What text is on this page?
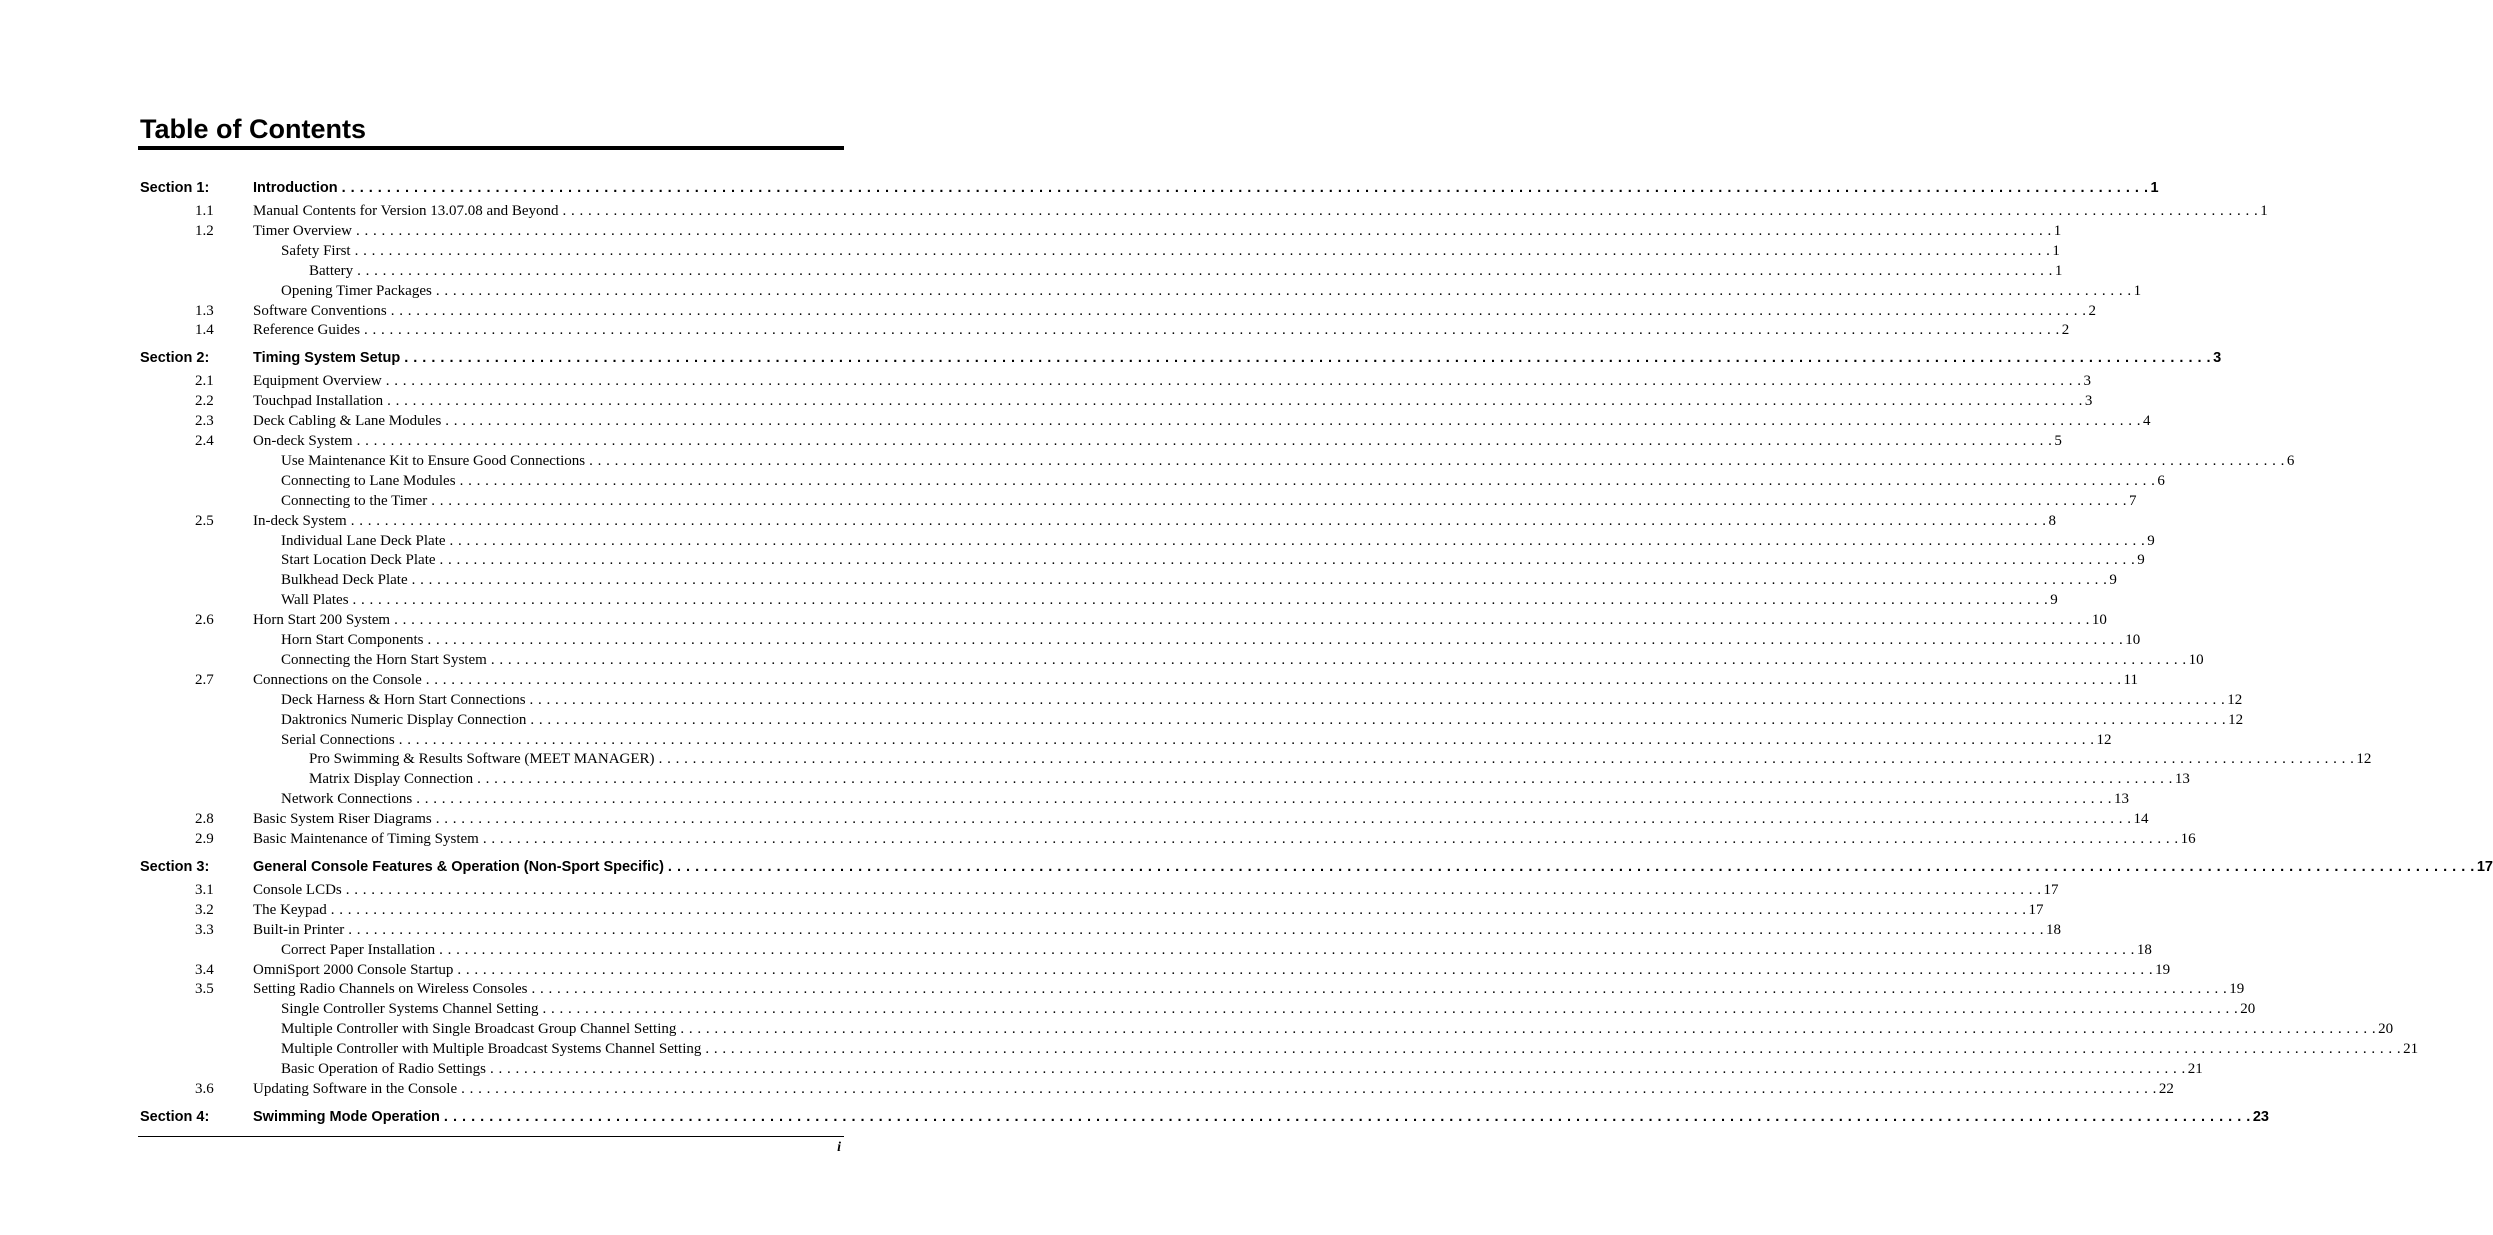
Table of Contents
Section 1:	Introduction . . . . . . . . . . . . . . . . . . . . . . . . . . . . . . . . . . . . . . . . . . . . . . . . . . . . . . . . . . . . . . . . . . . . . . . . . . . . . . . . . . . . . . . . . . . . . . . . . . . . . . . . . . . . . . . . . . . . . . . . . . . . . . . . . . . . . . . . . . . . . . . . . . . . . . . . . . . . . . . . . . . . . . . . . . . . . . . . . . . . . . . . . . . . . . . . . . . . . . . . 1
1.1	Manual Contents for Version 13.07.08 and Beyond . . . . . . . . . . . . . . . . . . . . . . . . . . . . . . . . . . . . . . . . . . . . . . . . . . . . . . . . . . . . . . . . . . . . . . . . . . . . . . . . . . . . . . . . . . . . . . . . . . . . . . . . . . . . . . . . . . . . . . . . . . . . . . . . . . . . . . . . . . . . . . . . . . . . . . . . . . . . . . . . . . . . . . . . . . . . . . . . . . . . . . . . . . . . . . . . . . . . . . . . 1
1.2	Timer Overview . . . . . . . . . . . . . . . . . . . . . . . . . . . . . . . . . . . . . . . . . . . . . . . . . . . . . . . . . . . . . . . . . . . . . . . . . . . . . . . . . . . . . . . . . . . . . . . . . . . . . . . . . . . . . . . . . . . . . . . . . . . . . . . . . . . . . . . . . . . . . . . . . . . . . . . . . . . . . . . . . . . . . . . . . . . . . . . . . . . . . . . . . . . . . . . . . . . . . . . . 1
Safety First . . . . . . . . . . . . . . . . . . . . . . . . . . . . . . . . . . . . . . . . . . . . . . . . . . . . . . . . . . . . . . . . . . . . . . . . . . . . . . . . . . . . . . . . . . . . . . . . . . . . . . . . . . . . . . . . . . . . . . . . . . . . . . . . . . . . . . . . . . . . . . . . . . . . . . . . . . . . . . . . . . . . . . . . . . . . . . . . . . . . . . . . . . . . . . . . . . . . . . . . 1
Battery . . . . . . . . . . . . . . . . . . . . . . . . . . . . . . . . . . . . . . . . . . . . . . . . . . . . . . . . . . . . . . . . . . . . . . . . . . . . . . . . . . . . . . . . . . . . . . . . . . . . . . . . . . . . . . . . . . . . . . . . . . . . . . . . . . . . . . . . . . . . . . . . . . . . . . . . . . . . . . . . . . . . . . . . . . . . . . . . . . . . . . . . . . . . . . . . . . . . . . . . 1
Opening Timer Packages . . . . . . . . . . . . . . . . . . . . . . . . . . . . . . . . . . . . . . . . . . . . . . . . . . . . . . . . . . . . . . . . . . . . . . . . . . . . . . . . . . . . . . . . . . . . . . . . . . . . . . . . . . . . . . . . . . . . . . . . . . . . . . . . . . . . . . . . . . . . . . . . . . . . . . . . . . . . . . . . . . . . . . . . . . . . . . . . . . . . . . . . . . . . . . . . . . . . . . . . 1
1.3	Software Conventions . . . . . . . . . . . . . . . . . . . . . . . . . . . . . . . . . . . . . . . . . . . . . . . . . . . . . . . . . . . . . . . . . . . . . . . . . . . . . . . . . . . . . . . . . . . . . . . . . . . . . . . . . . . . . . . . . . . . . . . . . . . . . . . . . . . . . . . . . . . . . . . . . . . . . . . . . . . . . . . . . . . . . . . . . . . . . . . . . . . . . . . . . . . . . . . . . . . . . . . . 2
1.4	Reference Guides . . . . . . . . . . . . . . . . . . . . . . . . . . . . . . . . . . . . . . . . . . . . . . . . . . . . . . . . . . . . . . . . . . . . . . . . . . . . . . . . . . . . . . . . . . . . . . . . . . . . . . . . . . . . . . . . . . . . . . . . . . . . . . . . . . . . . . . . . . . . . . . . . . . . . . . . . . . . . . . . . . . . . . . . . . . . . . . . . . . . . . . . . . . . . . . . . . . . . . . . 2
Section 2:	Timing System Setup . . . . . . . . . . . . . . . . . . . . . . . . . . . . . . . . . . . . . . . . . . . . . . . . . . . . . . . . . . . . . . . . . . . . . . . . . . . . . . . . . . . . . . . . . . . . . . . . . . . . . . . . . . . . . . . . . . . . . . . . . . . . . . . . . . . . . . . . . . . . . . . . . . . . . . . . . . . . . . . . . . . . . . . . . . . . . . . . . . . . . . . . . . . . . . . . . . . . . . . . 3
2.1	Equipment Overview . . . . . . . . . . . . . . . . . . . . . . . . . . . . . . . . . . . . . . . . . . . . . . . . . . . . . . . . . . . . . . . . . . . . . . . . . . . . . . . . . . . . . . . . . . . . . . . . . . . . . . . . . . . . . . . . . . . . . . . . . . . . . . . . . . . . . . . . . . . . . . . . . . . . . . . . . . . . . . . . . . . . . . . . . . . . . . . . . . . . . . . . . . . . . . . . . . . . . . . . 3
2.2	Touchpad Installation . . . . . . . . . . . . . . . . . . . . . . . . . . . . . . . . . . . . . . . . . . . . . . . . . . . . . . . . . . . . . . . . . . . . . . . . . . . . . . . . . . . . . . . . . . . . . . . . . . . . . . . . . . . . . . . . . . . . . . . . . . . . . . . . . . . . . . . . . . . . . . . . . . . . . . . . . . . . . . . . . . . . . . . . . . . . . . . . . . . . . . . . . . . . . . . . . . . . . . . . 3
2.3	Deck Cabling & Lane Modules . . . . . . . . . . . . . . . . . . . . . . . . . . . . . . . . . . . . . . . . . . . . . . . . . . . . . . . . . . . . . . . . . . . . . . . . . . . . . . . . . . . . . . . . . . . . . . . . . . . . . . . . . . . . . . . . . . . . . . . . . . . . . . . . . . . . . . . . . . . . . . . . . . . . . . . . . . . . . . . . . . . . . . . . . . . . . . . . . . . . . . . . . . . . . . . . . . . . . . . . 4
2.4	On-deck System . . . . . . . . . . . . . . . . . . . . . . . . . . . . . . . . . . . . . . . . . . . . . . . . . . . . . . . . . . . . . . . . . . . . . . . . . . . . . . . . . . . . . . . . . . . . . . . . . . . . . . . . . . . . . . . . . . . . . . . . . . . . . . . . . . . . . . . . . . . . . . . . . . . . . . . . . . . . . . . . . . . . . . . . . . . . . . . . . . . . . . . . . . . . . . . . . . . . . . . . 5
Use Maintenance Kit to Ensure Good Connections . . . . . . . . . . . . . . . . . . . . . . . . . . . . . . . . . . . . . . . . . . . . . . . . . . . . . . . . . . . . . . . . . . . . . . . . . . . . . . . . . . . . . . . . . . . . . . . . . . . . . . . . . . . . . . . . . . . . . . . . . . . . . . . . . . . . . . . . . . . . . . . . . . . . . . . . . . . . . . . . . . . . . . . . . . . . . . . . . . . . . . . . . . . . . . . . . . . . . . . . 6
Connecting to Lane Modules . . . . . . . . . . . . . . . . . . . . . . . . . . . . . . . . . . . . . . . . . . . . . . . . . . . . . . . . . . . . . . . . . . . . . . . . . . . . . . . . . . . . . . . . . . . . . . . . . . . . . . . . . . . . . . . . . . . . . . . . . . . . . . . . . . . . . . . . . . . . . . . . . . . . . . . . . . . . . . . . . . . . . . . . . . . . . . . . . . . . . . . . . . . . . . . . . . . . . . . . 6
Connecting to the Timer . . . . . . . . . . . . . . . . . . . . . . . . . . . . . . . . . . . . . . . . . . . . . . . . . . . . . . . . . . . . . . . . . . . . . . . . . . . . . . . . . . . . . . . . . . . . . . . . . . . . . . . . . . . . . . . . . . . . . . . . . . . . . . . . . . . . . . . . . . . . . . . . . . . . . . . . . . . . . . . . . . . . . . . . . . . . . . . . . . . . . . . . . . . . . . . . . . . . . . . . 7
2.5	In-deck System . . . . . . . . . . . . . . . . . . . . . . . . . . . . . . . . . . . . . . . . . . . . . . . . . . . . . . . . . . . . . . . . . . . . . . . . . . . . . . . . . . . . . . . . . . . . . . . . . . . . . . . . . . . . . . . . . . . . . . . . . . . . . . . . . . . . . . . . . . . . . . . . . . . . . . . . . . . . . . . . . . . . . . . . . . . . . . . . . . . . . . . . . . . . . . . . . . . . . . . . 8
Individual Lane Deck Plate . . . . . . . . . . . . . . . . . . . . . . . . . . . . . . . . . . . . . . . . . . . . . . . . . . . . . . . . . . . . . . . . . . . . . . . . . . . . . . . . . . . . . . . . . . . . . . . . . . . . . . . . . . . . . . . . . . . . . . . . . . . . . . . . . . . . . . . . . . . . . . . . . . . . . . . . . . . . . . . . . . . . . . . . . . . . . . . . . . . . . . . . . . . . . . . . . . . . . . . . 9
Start Location Deck Plate . . . . . . . . . . . . . . . . . . . . . . . . . . . . . . . . . . . . . . . . . . . . . . . . . . . . . . . . . . . . . . . . . . . . . . . . . . . . . . . . . . . . . . . . . . . . . . . . . . . . . . . . . . . . . . . . . . . . . . . . . . . . . . . . . . . . . . . . . . . . . . . . . . . . . . . . . . . . . . . . . . . . . . . . . . . . . . . . . . . . . . . . . . . . . . . . . . . . . . . . 9
Bulkhead Deck Plate . . . . . . . . . . . . . . . . . . . . . . . . . . . . . . . . . . . . . . . . . . . . . . . . . . . . . . . . . . . . . . . . . . . . . . . . . . . . . . . . . . . . . . . . . . . . . . . . . . . . . . . . . . . . . . . . . . . . . . . . . . . . . . . . . . . . . . . . . . . . . . . . . . . . . . . . . . . . . . . . . . . . . . . . . . . . . . . . . . . . . . . . . . . . . . . . . . . . . . . . 9
Wall Plates . . . . . . . . . . . . . . . . . . . . . . . . . . . . . . . . . . . . . . . . . . . . . . . . . . . . . . . . . . . . . . . . . . . . . . . . . . . . . . . . . . . . . . . . . . . . . . . . . . . . . . . . . . . . . . . . . . . . . . . . . . . . . . . . . . . . . . . . . . . . . . . . . . . . . . . . . . . . . . . . . . . . . . . . . . . . . . . . . . . . . . . . . . . . . . . . . . . . . . . . 9
2.6	Horn Start 200 System . . . . . . . . . . . . . . . . . . . . . . . . . . . . . . . . . . . . . . . . . . . . . . . . . . . . . . . . . . . . . . . . . . . . . . . . . . . . . . . . . . . . . . . . . . . . . . . . . . . . . . . . . . . . . . . . . . . . . . . . . . . . . . . . . . . . . . . . . . . . . . . . . . . . . . . . . . . . . . . . . . . . . . . . . . . . . . . . . . . . . . . . . . . . . . . . . . . . . . . . 10
Horn Start Components . . . . . . . . . . . . . . . . . . . . . . . . . . . . . . . . . . . . . . . . . . . . . . . . . . . . . . . . . . . . . . . . . . . . . . . . . . . . . . . . . . . . . . . . . . . . . . . . . . . . . . . . . . . . . . . . . . . . . . . . . . . . . . . . . . . . . . . . . . . . . . . . . . . . . . . . . . . . . . . . . . . . . . . . . . . . . . . . . . . . . . . . . . . . . . . . . . . . . . . . 10
Connecting the Horn Start System . . . . . . . . . . . . . . . . . . . . . . . . . . . . . . . . . . . . . . . . . . . . . . . . . . . . . . . . . . . . . . . . . . . . . . . . . . . . . . . . . . . . . . . . . . . . . . . . . . . . . . . . . . . . . . . . . . . . . . . . . . . . . . . . . . . . . . . . . . . . . . . . . . . . . . . . . . . . . . . . . . . . . . . . . . . . . . . . . . . . . . . . . . . . . . . . . . . . . . . . 10
2.7	Connections on the Console . . . . . . . . . . . . . . . . . . . . . . . . . . . . . . . . . . . . . . . . . . . . . . . . . . . . . . . . . . . . . . . . . . . . . . . . . . . . . . . . . . . . . . . . . . . . . . . . . . . . . . . . . . . . . . . . . . . . . . . . . . . . . . . . . . . . . . . . . . . . . . . . . . . . . . . . . . . . . . . . . . . . . . . . . . . . . . . . . . . . . . . . . . . . . . . . . . . . . . . . 11
Deck Harness & Horn Start Connections . . . . . . . . . . . . . . . . . . . . . . . . . . . . . . . . . . . . . . . . . . . . . . . . . . . . . . . . . . . . . . . . . . . . . . . . . . . . . . . . . . . . . . . . . . . . . . . . . . . . . . . . . . . . . . . . . . . . . . . . . . . . . . . . . . . . . . . . . . . . . . . . . . . . . . . . . . . . . . . . . . . . . . . . . . . . . . . . . . . . . . . . . . . . . . . . . . . . . . . . 12
Daktronics Numeric Display Connection . . . . . . . . . . . . . . . . . . . . . . . . . . . . . . . . . . . . . . . . . . . . . . . . . . . . . . . . . . . . . . . . . . . . . . . . . . . . . . . . . . . . . . . . . . . . . . . . . . . . . . . . . . . . . . . . . . . . . . . . . . . . . . . . . . . . . . . . . . . . . . . . . . . . . . . . . . . . . . . . . . . . . . . . . . . . . . . . . . . . . . . . . . . . . . . . . . . . . . . . 12
Serial Connections . . . . . . . . . . . . . . . . . . . . . . . . . . . . . . . . . . . . . . . . . . . . . . . . . . . . . . . . . . . . . . . . . . . . . . . . . . . . . . . . . . . . . . . . . . . . . . . . . . . . . . . . . . . . . . . . . . . . . . . . . . . . . . . . . . . . . . . . . . . . . . . . . . . . . . . . . . . . . . . . . . . . . . . . . . . . . . . . . . . . . . . . . . . . . . . . . . . . . . . . 12
Pro Swimming & Results Software (MEET MANAGER) . . . . . . . . . . . . . . . . . . . . . . . . . . . . . . . . . . . . . . . . . . . . . . . . . . . . . . . . . . . . . . . . . . . . . . . . . . . . . . . . . . . . . . . . . . . . . . . . . . . . . . . . . . . . . . . . . . . . . . . . . . . . . . . . . . . . . . . . . . . . . . . . . . . . . . . . . . . . . . . . . . . . . . . . . . . . . . . . . . . . . . . . . . . . . . . . . . . . . . . . 12
Matrix Display Connection . . . . . . . . . . . . . . . . . . . . . . . . . . . . . . . . . . . . . . . . . . . . . . . . . . . . . . . . . . . . . . . . . . . . . . . . . . . . . . . . . . . . . . . . . . . . . . . . . . . . . . . . . . . . . . . . . . . . . . . . . . . . . . . . . . . . . . . . . . . . . . . . . . . . . . . . . . . . . . . . . . . . . . . . . . . . . . . . . . . . . . . . . . . . . . . . . . . . . . . . 13
Network Connections . . . . . . . . . . . . . . . . . . . . . . . . . . . . . . . . . . . . . . . . . . . . . . . . . . . . . . . . . . . . . . . . . . . . . . . . . . . . . . . . . . . . . . . . . . . . . . . . . . . . . . . . . . . . . . . . . . . . . . . . . . . . . . . . . . . . . . . . . . . . . . . . . . . . . . . . . . . . . . . . . . . . . . . . . . . . . . . . . . . . . . . . . . . . . . . . . . . . . . . . 13
2.8	Basic System Riser Diagrams . . . . . . . . . . . . . . . . . . . . . . . . . . . . . . . . . . . . . . . . . . . . . . . . . . . . . . . . . . . . . . . . . . . . . . . . . . . . . . . . . . . . . . . . . . . . . . . . . . . . . . . . . . . . . . . . . . . . . . . . . . . . . . . . . . . . . . . . . . . . . . . . . . . . . . . . . . . . . . . . . . . . . . . . . . . . . . . . . . . . . . . . . . . . . . . . . . . . . . . . 14
2.9	Basic Maintenance of Timing System . . . . . . . . . . . . . . . . . . . . . . . . . . . . . . . . . . . . . . . . . . . . . . . . . . . . . . . . . . . . . . . . . . . . . . . . . . . . . . . . . . . . . . . . . . . . . . . . . . . . . . . . . . . . . . . . . . . . . . . . . . . . . . . . . . . . . . . . . . . . . . . . . . . . . . . . . . . . . . . . . . . . . . . . . . . . . . . . . . . . . . . . . . . . . . . . . . . . . . . . 16
Section 3:	General Console Features & Operation (Non-Sport Specific) . . . . . . . . . . . . . . . . . . . . . . . . . . . . . . . . . . . . . . . . . . . . . . . . . . . . . . . . . . . . . . . . . . . . . . . . . . . . . . . . . . . . . . . . . . . . . . . . . . . . . . . . . . . . . . . . . . . . . . . . . . . . . . . . . . . . . . . . . . . . . . . . . . . . . . . . . . . . . . . . . . . . . . . . . . . . . . . . . . . . . . . . . . . . . . . . . . . . . . . . 17
3.1	Console LCDs . . . . . . . . . . . . . . . . . . . . . . . . . . . . . . . . . . . . . . . . . . . . . . . . . . . . . . . . . . . . . . . . . . . . . . . . . . . . . . . . . . . . . . . . . . . . . . . . . . . . . . . . . . . . . . . . . . . . . . . . . . . . . . . . . . . . . . . . . . . . . . . . . . . . . . . . . . . . . . . . . . . . . . . . . . . . . . . . . . . . . . . . . . . . . . . . . . . . . . . . 17
3.2	The Keypad . . . . . . . . . . . . . . . . . . . . . . . . . . . . . . . . . . . . . . . . . . . . . . . . . . . . . . . . . . . . . . . . . . . . . . . . . . . . . . . . . . . . . . . . . . . . . . . . . . . . . . . . . . . . . . . . . . . . . . . . . . . . . . . . . . . . . . . . . . . . . . . . . . . . . . . . . . . . . . . . . . . . . . . . . . . . . . . . . . . . . . . . . . . . . . . . . . . . . . . . 17
3.3	Built-in Printer . . . . . . . . . . . . . . . . . . . . . . . . . . . . . . . . . . . . . . . . . . . . . . . . . . . . . . . . . . . . . . . . . . . . . . . . . . . . . . . . . . . . . . . . . . . . . . . . . . . . . . . . . . . . . . . . . . . . . . . . . . . . . . . . . . . . . . . . . . . . . . . . . . . . . . . . . . . . . . . . . . . . . . . . . . . . . . . . . . . . . . . . . . . . . . . . . . . . . . . . 18
Correct Paper Installation . . . . . . . . . . . . . . . . . . . . . . . . . . . . . . . . . . . . . . . . . . . . . . . . . . . . . . . . . . . . . . . . . . . . . . . . . . . . . . . . . . . . . . . . . . . . . . . . . . . . . . . . . . . . . . . . . . . . . . . . . . . . . . . . . . . . . . . . . . . . . . . . . . . . . . . . . . . . . . . . . . . . . . . . . . . . . . . . . . . . . . . . . . . . . . . . . . . . . . . . 18
3.4	OmniSport 2000 Console Startup . . . . . . . . . . . . . . . . . . . . . . . . . . . . . . . . . . . . . . . . . . . . . . . . . . . . . . . . . . . . . . . . . . . . . . . . . . . . . . . . . . . . . . . . . . . . . . . . . . . . . . . . . . . . . . . . . . . . . . . . . . . . . . . . . . . . . . . . . . . . . . . . . . . . . . . . . . . . . . . . . . . . . . . . . . . . . . . . . . . . . . . . . . . . . . . . . . . . . . . . 19
3.5	Setting Radio Channels on Wireless Consoles . . . . . . . . . . . . . . . . . . . . . . . . . . . . . . . . . . . . . . . . . . . . . . . . . . . . . . . . . . . . . . . . . . . . . . . . . . . . . . . . . . . . . . . . . . . . . . . . . . . . . . . . . . . . . . . . . . . . . . . . . . . . . . . . . . . . . . . . . . . . . . . . . . . . . . . . . . . . . . . . . . . . . . . . . . . . . . . . . . . . . . . . . . . . . . . . . . . . . . . . 19
Single Controller Systems Channel Setting . . . . . . . . . . . . . . . . . . . . . . . . . . . . . . . . . . . . . . . . . . . . . . . . . . . . . . . . . . . . . . . . . . . . . . . . . . . . . . . . . . . . . . . . . . . . . . . . . . . . . . . . . . . . . . . . . . . . . . . . . . . . . . . . . . . . . . . . . . . . . . . . . . . . . . . . . . . . . . . . . . . . . . . . . . . . . . . . . . . . . . . . . . . . . . . . . . . . . . . . 20
Multiple Controller with Single Broadcast Group Channel Setting . . . . . . . . . . . . . . . . . . . . . . . . . . . . . . . . . . . . . . . . . . . . . . . . . . . . . . . . . . . . . . . . . . . . . . . . . . . . . . . . . . . . . . . . . . . . . . . . . . . . . . . . . . . . . . . . . . . . . . . . . . . . . . . . . . . . . . . . . . . . . . . . . . . . . . . . . . . . . . . . . . . . . . . . . . . . . . . . . . . . . . . . . . . . . . . . . . . . . . . . 20
Multiple Controller with Multiple Broadcast Systems Channel Setting . . . . . . . . . . . . . . . . . . . . . . . . . . . . . . . . . . . . . . . . . . . . . . . . . . . . . . . . . . . . . . . . . . . . . . . . . . . . . . . . . . . . . . . . . . . . . . . . . . . . . . . . . . . . . . . . . . . . . . . . . . . . . . . . . . . . . . . . . . . . . . . . . . . . . . . . . . . . . . . . . . . . . . . . . . . . . . . . . . . . . . . . . . . . . . . . . . . . . . . . 21
Basic Operation of Radio Settings . . . . . . . . . . . . . . . . . . . . . . . . . . . . . . . . . . . . . . . . . . . . . . . . . . . . . . . . . . . . . . . . . . . . . . . . . . . . . . . . . . . . . . . . . . . . . . . . . . . . . . . . . . . . . . . . . . . . . . . . . . . . . . . . . . . . . . . . . . . . . . . . . . . . . . . . . . . . . . . . . . . . . . . . . . . . . . . . . . . . . . . . . . . . . . . . . . . . . . . . 21
3.6	Updating Software in the Console . . . . . . . . . . . . . . . . . . . . . . . . . . . . . . . . . . . . . . . . . . . . . . . . . . . . . . . . . . . . . . . . . . . . . . . . . . . . . . . . . . . . . . . . . . . . . . . . . . . . . . . . . . . . . . . . . . . . . . . . . . . . . . . . . . . . . . . . . . . . . . . . . . . . . . . . . . . . . . . . . . . . . . . . . . . . . . . . . . . . . . . . . . . . . . . . . . . . . . . . 22
Section 4:	Swimming Mode Operation . . . . . . . . . . . . . . . . . . . . . . . . . . . . . . . . . . . . . . . . . . . . . . . . . . . . . . . . . . . . . . . . . . . . . . . . . . . . . . . . . . . . . . . . . . . . . . . . . . . . . . . . . . . . . . . . . . . . . . . . . . . . . . . . . . . . . . . . . . . . . . . . . . . . . . . . . . . . . . . . . . . . . . . . . . . . . . . . . . . . . . . . . . . . . . . . . . . . . . . . 23
i
